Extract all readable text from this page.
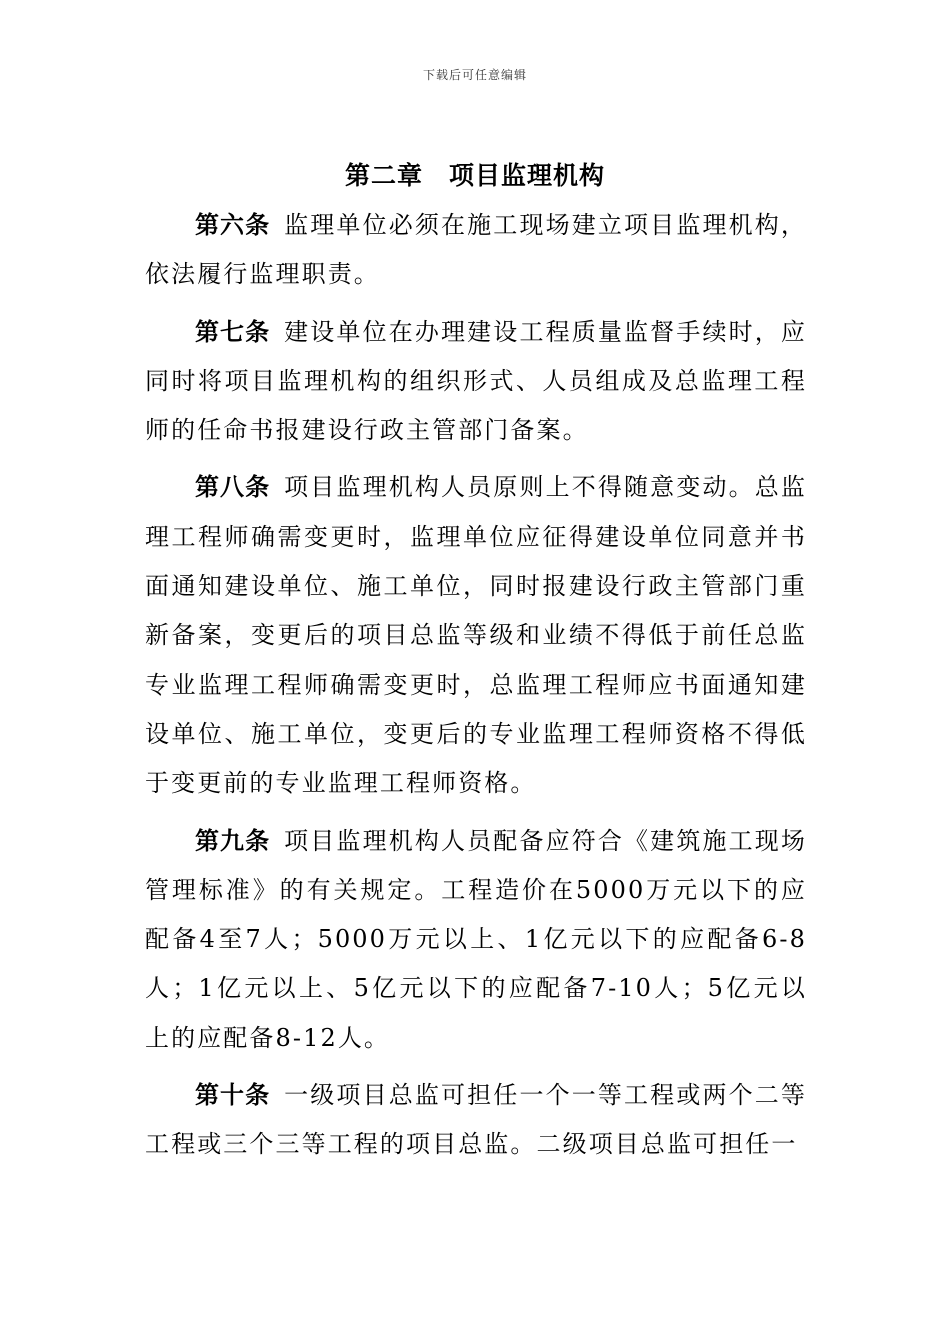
下载后可任意编辑
第二章　项目监理机构

第六条 监理单位必须在施工现场建立项目监理机构，依法履行监理职责。

第七条 建设单位在办理建设工程质量监督手续时，应同时将项目监理机构的组织形式、人员组成及总监理工程师的任命书报建设行政主管部门备案。

第八条 项目监理机构人员原则上不得随意变动。总监理工程师确需变更时，监理单位应征得建设单位同意并书面通知建设单位、施工单位，同时报建设行政主管部门重新备案，变更后的项目总监等级和业绩不得低于前任总监专业监理工程师确需变更时，总监理工程师应书面通知建设单位、施工单位，变更后的专业监理工程师资格不得低于变更前的专业监理工程师资格。

第九条 项目监理机构人员配备应符合《建筑施工现场管理标准》的有关规定。工程造价在5000万元以下的应配备4至7人；5000万元以上、1亿元以下的应配备6-8人；1亿元以上、5亿元以下的应配备7-10人；5亿元以上的应配备8-12人。

第十条 一级项目总监可担任一个一等工程或两个二等工程或三个三等工程的项目总监。二级项目总监可担任一
